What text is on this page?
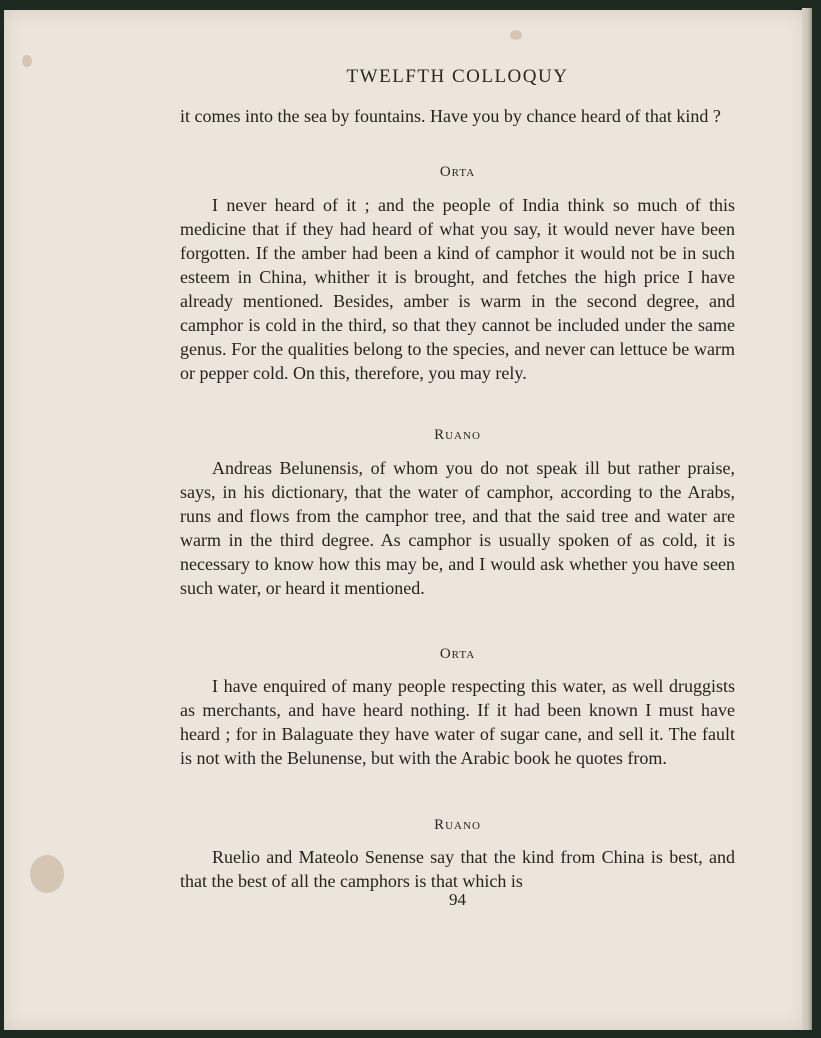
TWELFTH COLLOQUY

it comes into the sea by fountains. Have you by chance heard of that kind ?

Orta

I never heard of it ; and the people of India think so much of this medicine that if they had heard of what you say, it would never have been forgotten. If the amber had been a kind of camphor it would not be in such esteem in China, whither it is brought, and fetches the high price I have already mentioned. Besides, amber is warm in the second degree, and camphor is cold in the third, so that they cannot be included under the same genus. For the qualities belong to the species, and never can lettuce be warm or pepper cold. On this, therefore, you may rely.

Ruano

Andreas Belunensis, of whom you do not speak ill but rather praise, says, in his dictionary, that the water of camphor, according to the Arabs, runs and flows from the camphor tree, and that the said tree and water are warm in the third degree. As camphor is usually spoken of as cold, it is necessary to know how this may be, and I would ask whether you have seen such water, or heard it mentioned.

Orta

I have enquired of many people respecting this water, as well druggists as merchants, and have heard nothing. If it had been known I must have heard ; for in Balaguate they have water of sugar cane, and sell it. The fault is not with the Belunense, but with the Arabic book he quotes from.

Ruano

Ruelio and Mateolo Senense say that the kind from China is best, and that the best of all the camphors is that which is

94
